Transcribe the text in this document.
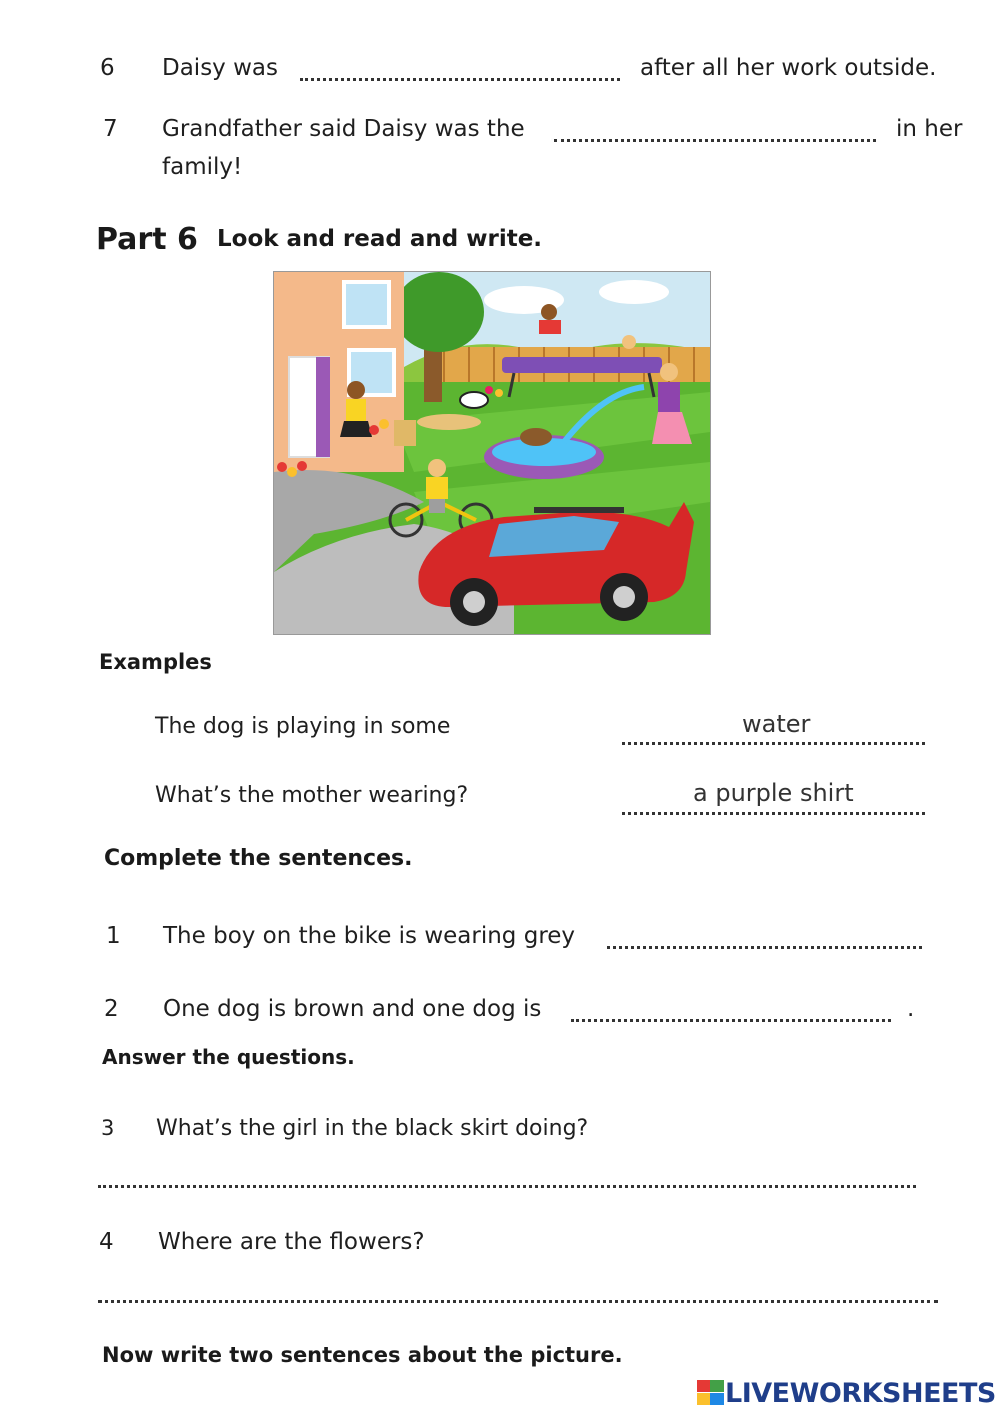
6 Daisy was	after all her work outside.
7 Grandfather said Daisy was the	in her
family!
Part 6 Look and read and write.
Examples
The dog is playing in some	water
What’s the mother wearing?	a purple shirt
Complete the sentences.
1 The boy on the bike is wearing grey
2 One dog is brown and one dog is	.
Answer the questions.
3 What’s the girl in the black skirt doing?
4 Where are the flowers?
Now write two sentences about the picture.
LIVEWORKSHEETS
